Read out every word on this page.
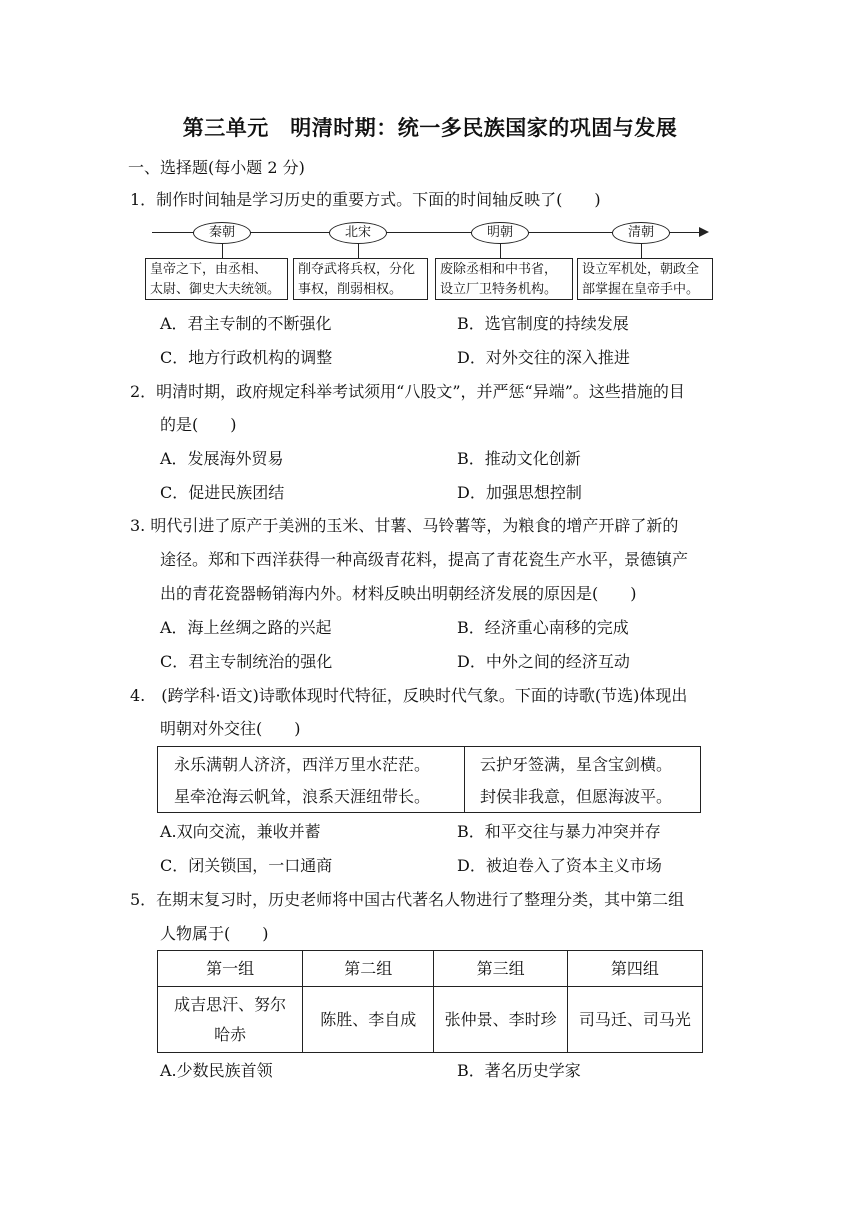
第三单元　明清时期：统一多民族国家的巩固与发展
一、选择题(每小题 2 分)
1．制作时间轴是学习历史的重要方式。下面的时间轴反映了(　　)
秦朝	北宋	明朝	清朝
皇帝之下，由丞相、
太尉、御史大夫统领。
削夺武将兵权，分化
事权，削弱相权。
废除丞相和中书省，
设立厂卫特务机构。
设立军机处，朝政全
部掌握在皇帝手中。
A．君主专制的不断强化	B．选官制度的持续发展
C．地方行政机构的调整	D．对外交往的深入推进
2．明清时期，政府规定科举考试须用“八股文”，并严惩“异端”。这些措施的目
的是(　　)
A．发展海外贸易	B．推动文化创新
C．促进民族团结	D．加强思想控制
3. 明代引进了原产于美洲的玉米、甘薯、马铃薯等，为粮食的增产开辟了新的
途径。郑和下西洋获得一种高级青花料，提高了青花瓷生产水平，景德镇产
出的青花瓷器畅销海内外。材料反映出明朝经济发展的原因是(　　)
A．海上丝绸之路的兴起	B．经济重心南移的完成
C．君主专制统治的强化	D．中外之间的经济互动
4.　(跨学科·语文)诗歌体现时代特征，反映时代气象。下面的诗歌(节选)体现出
明朝对外交往(　　)
永乐满朝人济济，西洋万里水茫茫。
星牵沧海云帆耸，浪系天涯纽带长。
云护牙签满，星含宝剑横。
封侯非我意，但愿海波平。
A.双向交流，兼收并蓄	B．和平交往与暴力冲突并存
C．闭关锁国，一口通商	D．被迫卷入了资本主义市场
5．在期末复习时，历史老师将中国古代著名人物进行了整理分类，其中第二组
人物属于(　　)
第一组	第二组	第三组	第四组

成吉思汗、努尔
哈赤	陈胜、李自成	张仲景、李时珍	司马迁、司马光
A.少数民族首领	B．著名历史学家
